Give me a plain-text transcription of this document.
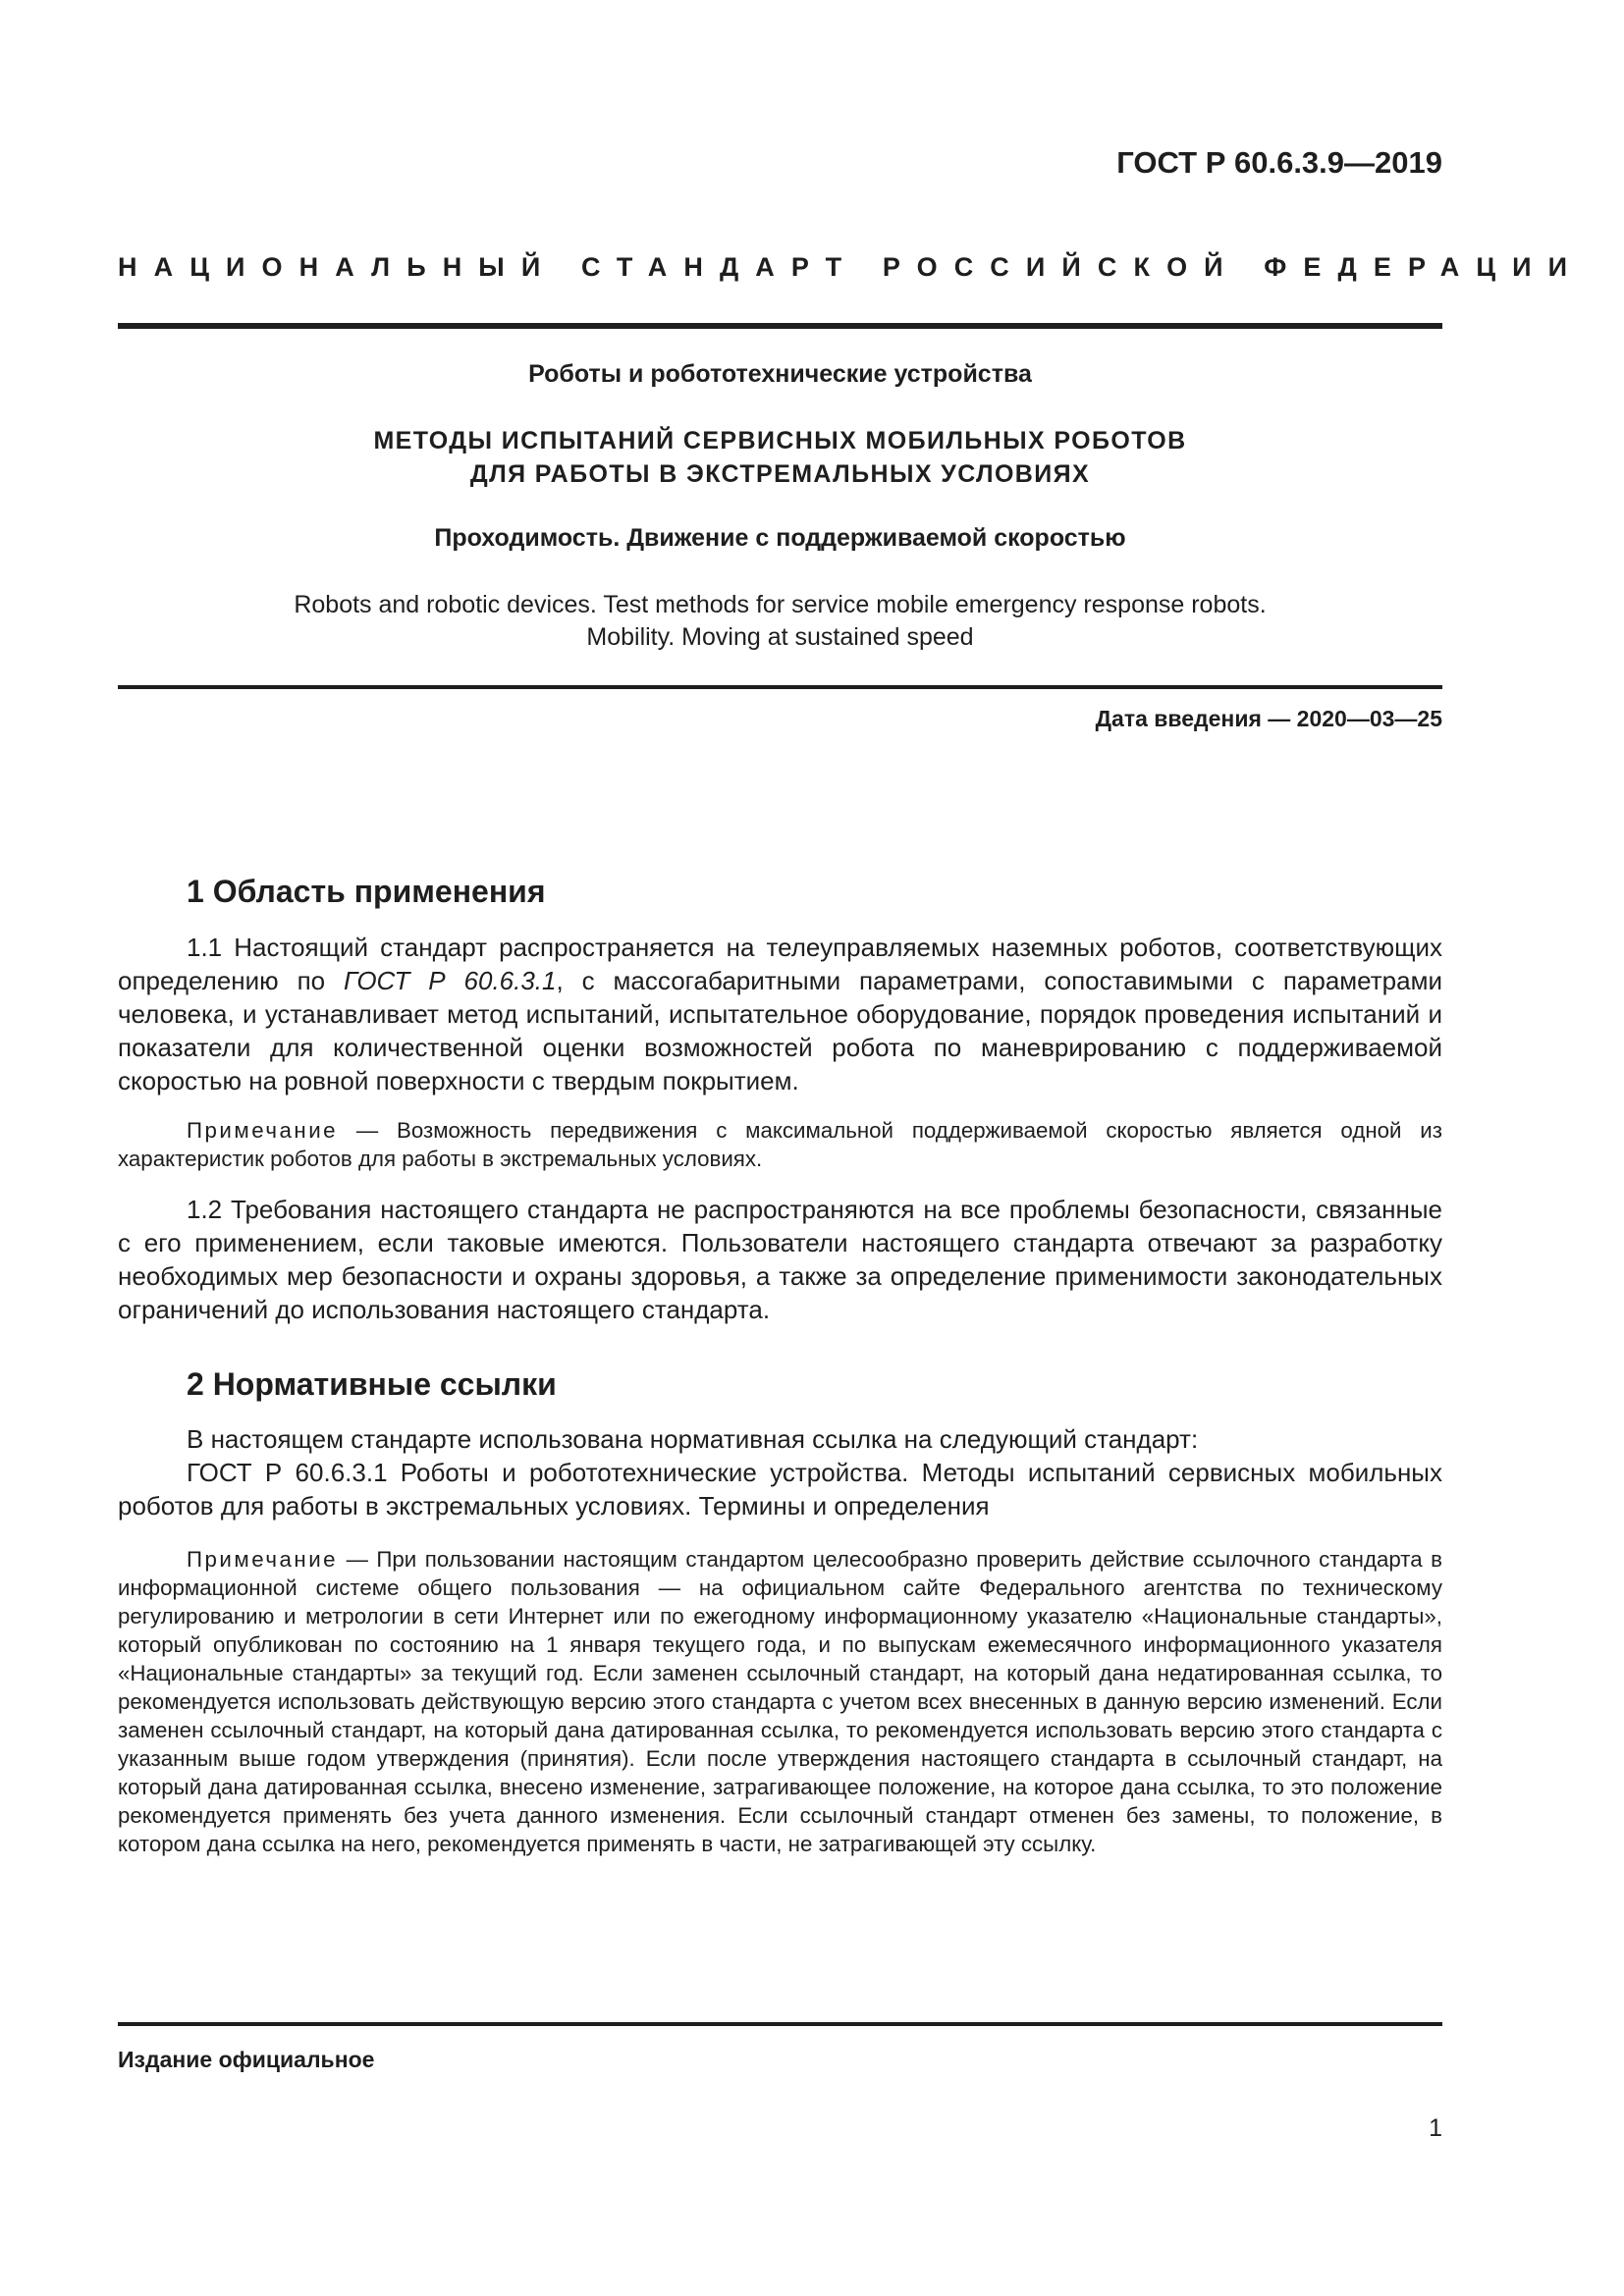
ГОСТ Р 60.6.3.9—2019
НАЦИОНАЛЬНЫЙ СТАНДАРТ РОССИЙСКОЙ ФЕДЕРАЦИИ
Роботы и робототехнические устройства
МЕТОДЫ ИСПЫТАНИЙ СЕРВИСНЫХ МОБИЛЬНЫХ РОБОТОВ
ДЛЯ РАБОТЫ В ЭКСТРЕМАЛЬНЫХ УСЛОВИЯХ
Проходимость. Движение с поддерживаемой скоростью
Robots and robotic devices. Test methods for service mobile emergency response robots.
Mobility. Moving at sustained speed
Дата введения — 2020—03—25
1 Область применения

1.1 Настоящий стандарт распространяется на телеуправляемых наземных роботов, соответствующих определению по ГОСТ Р 60.6.3.1, с массогабаритными параметрами, сопоставимыми с параметрами человека, и устанавливает метод испытаний, испытательное оборудование, порядок проведения испытаний и показатели для количественной оценки возможностей робота по маневрированию с поддерживаемой скоростью на ровной поверхности с твердым покрытием.

Примечание — Возможность передвижения с максимальной поддерживаемой скоростью является одной из характеристик роботов для работы в экстремальных условиях.

1.2 Требования настоящего стандарта не распространяются на все проблемы безопасности, связанные с его применением, если таковые имеются. Пользователи настоящего стандарта отвечают за разработку необходимых мер безопасности и охраны здоровья, а также за определение применимости законодательных ограничений до использования настоящего стандарта.

2 Нормативные ссылки

В настоящем стандарте использована нормативная ссылка на следующий стандарт:

ГОСТ Р 60.6.3.1 Роботы и робототехнические устройства. Методы испытаний сервисных мобильных роботов для работы в экстремальных условиях. Термины и определения

Примечание — При пользовании настоящим стандартом целесообразно проверить действие ссылочного стандарта в информационной системе общего пользования — на официальном сайте Федерального агентства по техническому регулированию и метрологии в сети Интернет или по ежегодному информационному указателю «Национальные стандарты», который опубликован по состоянию на 1 января текущего года, и по выпускам ежемесячного информационного указателя «Национальные стандарты» за текущий год. Если заменен ссылочный стандарт, на который дана недатированная ссылка, то рекомендуется использовать действующую версию этого стандарта с учетом всех внесенных в данную версию изменений. Если заменен ссылочный стандарт, на который дана датированная ссылка, то рекомендуется использовать версию этого стандарта с указанным выше годом утверждения (принятия). Если после утверждения настоящего стандарта в ссылочный стандарт, на который дана датированная ссылка, внесено изменение, затрагивающее положение, на которое дана ссылка, то это положение рекомендуется применять без учета данного изменения. Если ссылочный стандарт отменен без замены, то положение, в котором дана ссылка на него, рекомендуется применять в части, не затрагивающей эту ссылку.

Издание официальное
1
